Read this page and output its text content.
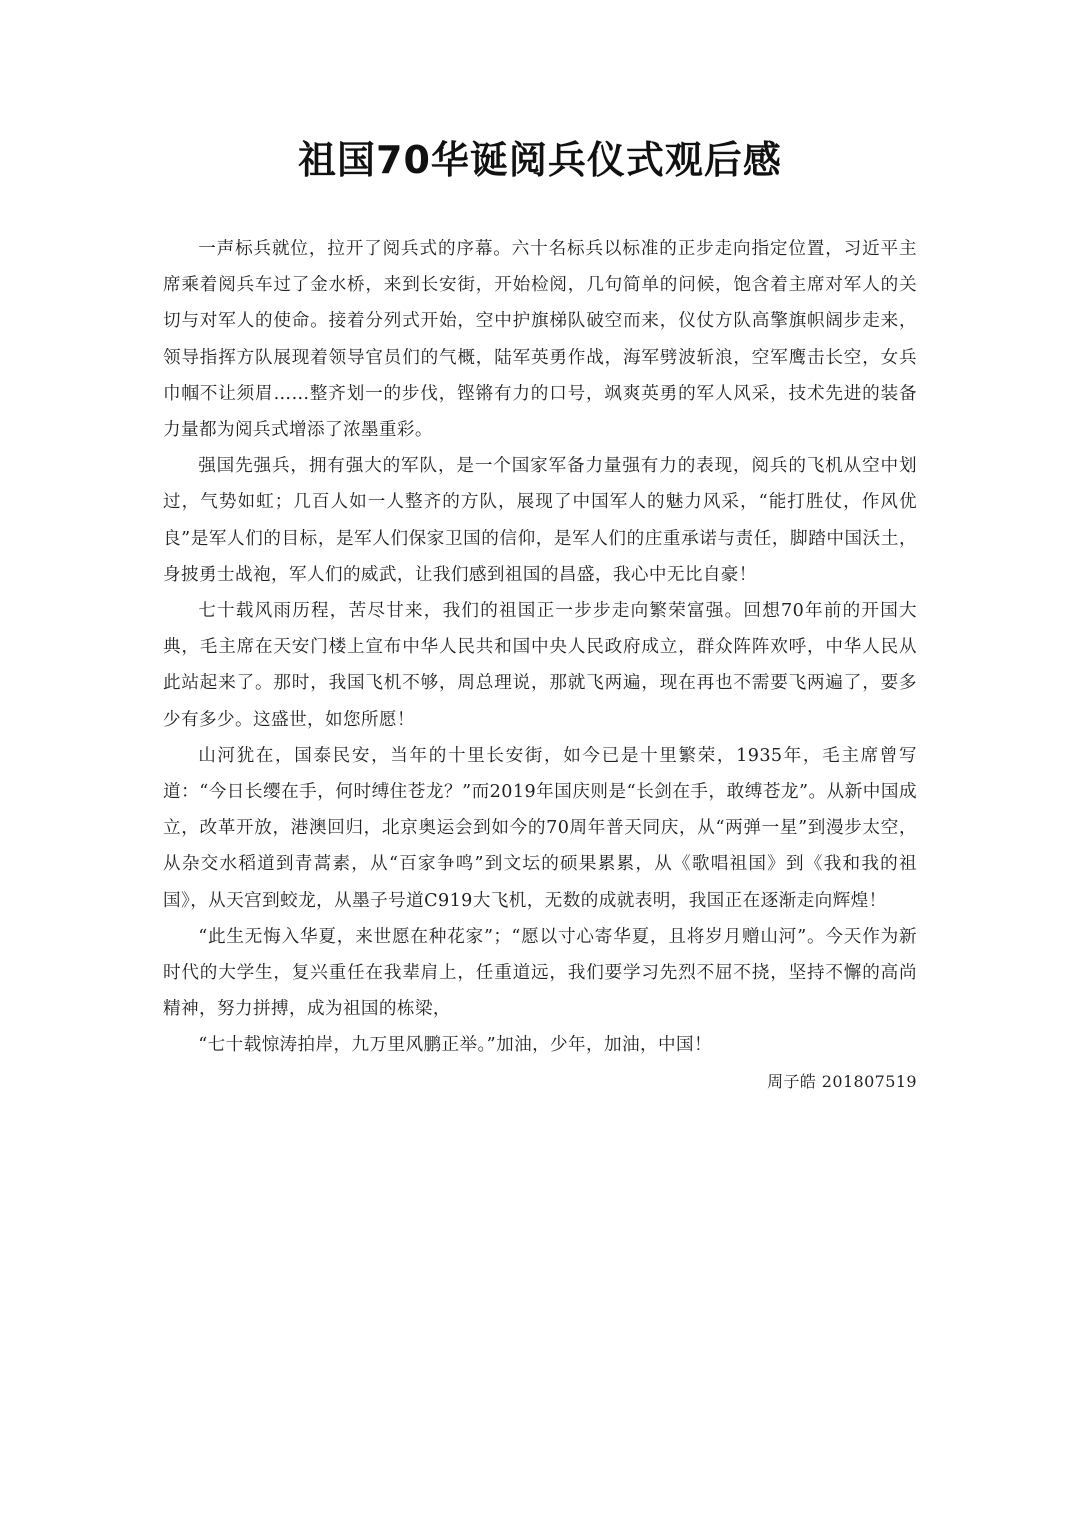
祖国70华诞阅兵仪式观后感

一声标兵就位，拉开了阅兵式的序幕。六十名标兵以标准的正步走向指定位置，习近平主席乘着阅兵车过了金水桥，来到长安街，开始检阅，几句简单的问候，饱含着主席对军人的关切与对军人的使命。接着分列式开始，空中护旗梯队破空而来，仪仗方队高擎旗帜阔步走来，领导指挥方队展现着领导官员们的气概，陆军英勇作战，海军劈波斩浪，空军鹰击长空，女兵巾帼不让须眉……整齐划一的步伐，铿锵有力的口号，飒爽英勇的军人风采，技术先进的装备力量都为阅兵式增添了浓墨重彩。

强国先强兵，拥有强大的军队，是一个国家军备力量强有力的表现，阅兵的飞机从空中划过，气势如虹；几百人如一人整齐的方队，展现了中国军人的魅力风采，“能打胜仗，作风优良”是军人们的目标，是军人们保家卫国的信仰，是军人们的庄重承诺与责任，脚踏中国沃土，身披勇士战袍，军人们的威武，让我们感到祖国的昌盛，我心中无比自豪！

七十载风雨历程，苦尽甘来，我们的祖国正一步步走向繁荣富强。回想70年前的开国大典，毛主席在天安门楼上宣布中华人民共和国中央人民政府成立，群众阵阵欢呼，中华人民从此站起来了。那时，我国飞机不够，周总理说，那就飞两遍，现在再也不需要飞两遍了，要多少有多少。这盛世，如您所愿！

山河犹在，国泰民安，当年的十里长安街，如今已是十里繁荣，1935年，毛主席曾写道：“今日长缨在手，何时缚住苍龙？”而2019年国庆则是“长剑在手，敢缚苍龙”。从新中国成立，改革开放，港澳回归，北京奥运会到如今的70周年普天同庆，从“两弹一星”到漫步太空，从杂交水稻道到青蒿素，从“百家争鸣”到文坛的硕果累累，从《歌唱祖国》到《我和我的祖国》，从天宫到蛟龙，从墨子号道C919大飞机，无数的成就表明，我国正在逐渐走向辉煌！

“此生无悔入华夏，来世愿在种花家”；“愿以寸心寄华夏，且将岁月赠山河”。今天作为新时代的大学生，复兴重任在我辈肩上，任重道远，我们要学习先烈不屈不挠，坚持不懈的高尚精神，努力拼搏，成为祖国的栋梁，

“七十载惊涛拍岸，九万里风鹏正举。”加油，少年，加油，中国！

周子皓 201807519
